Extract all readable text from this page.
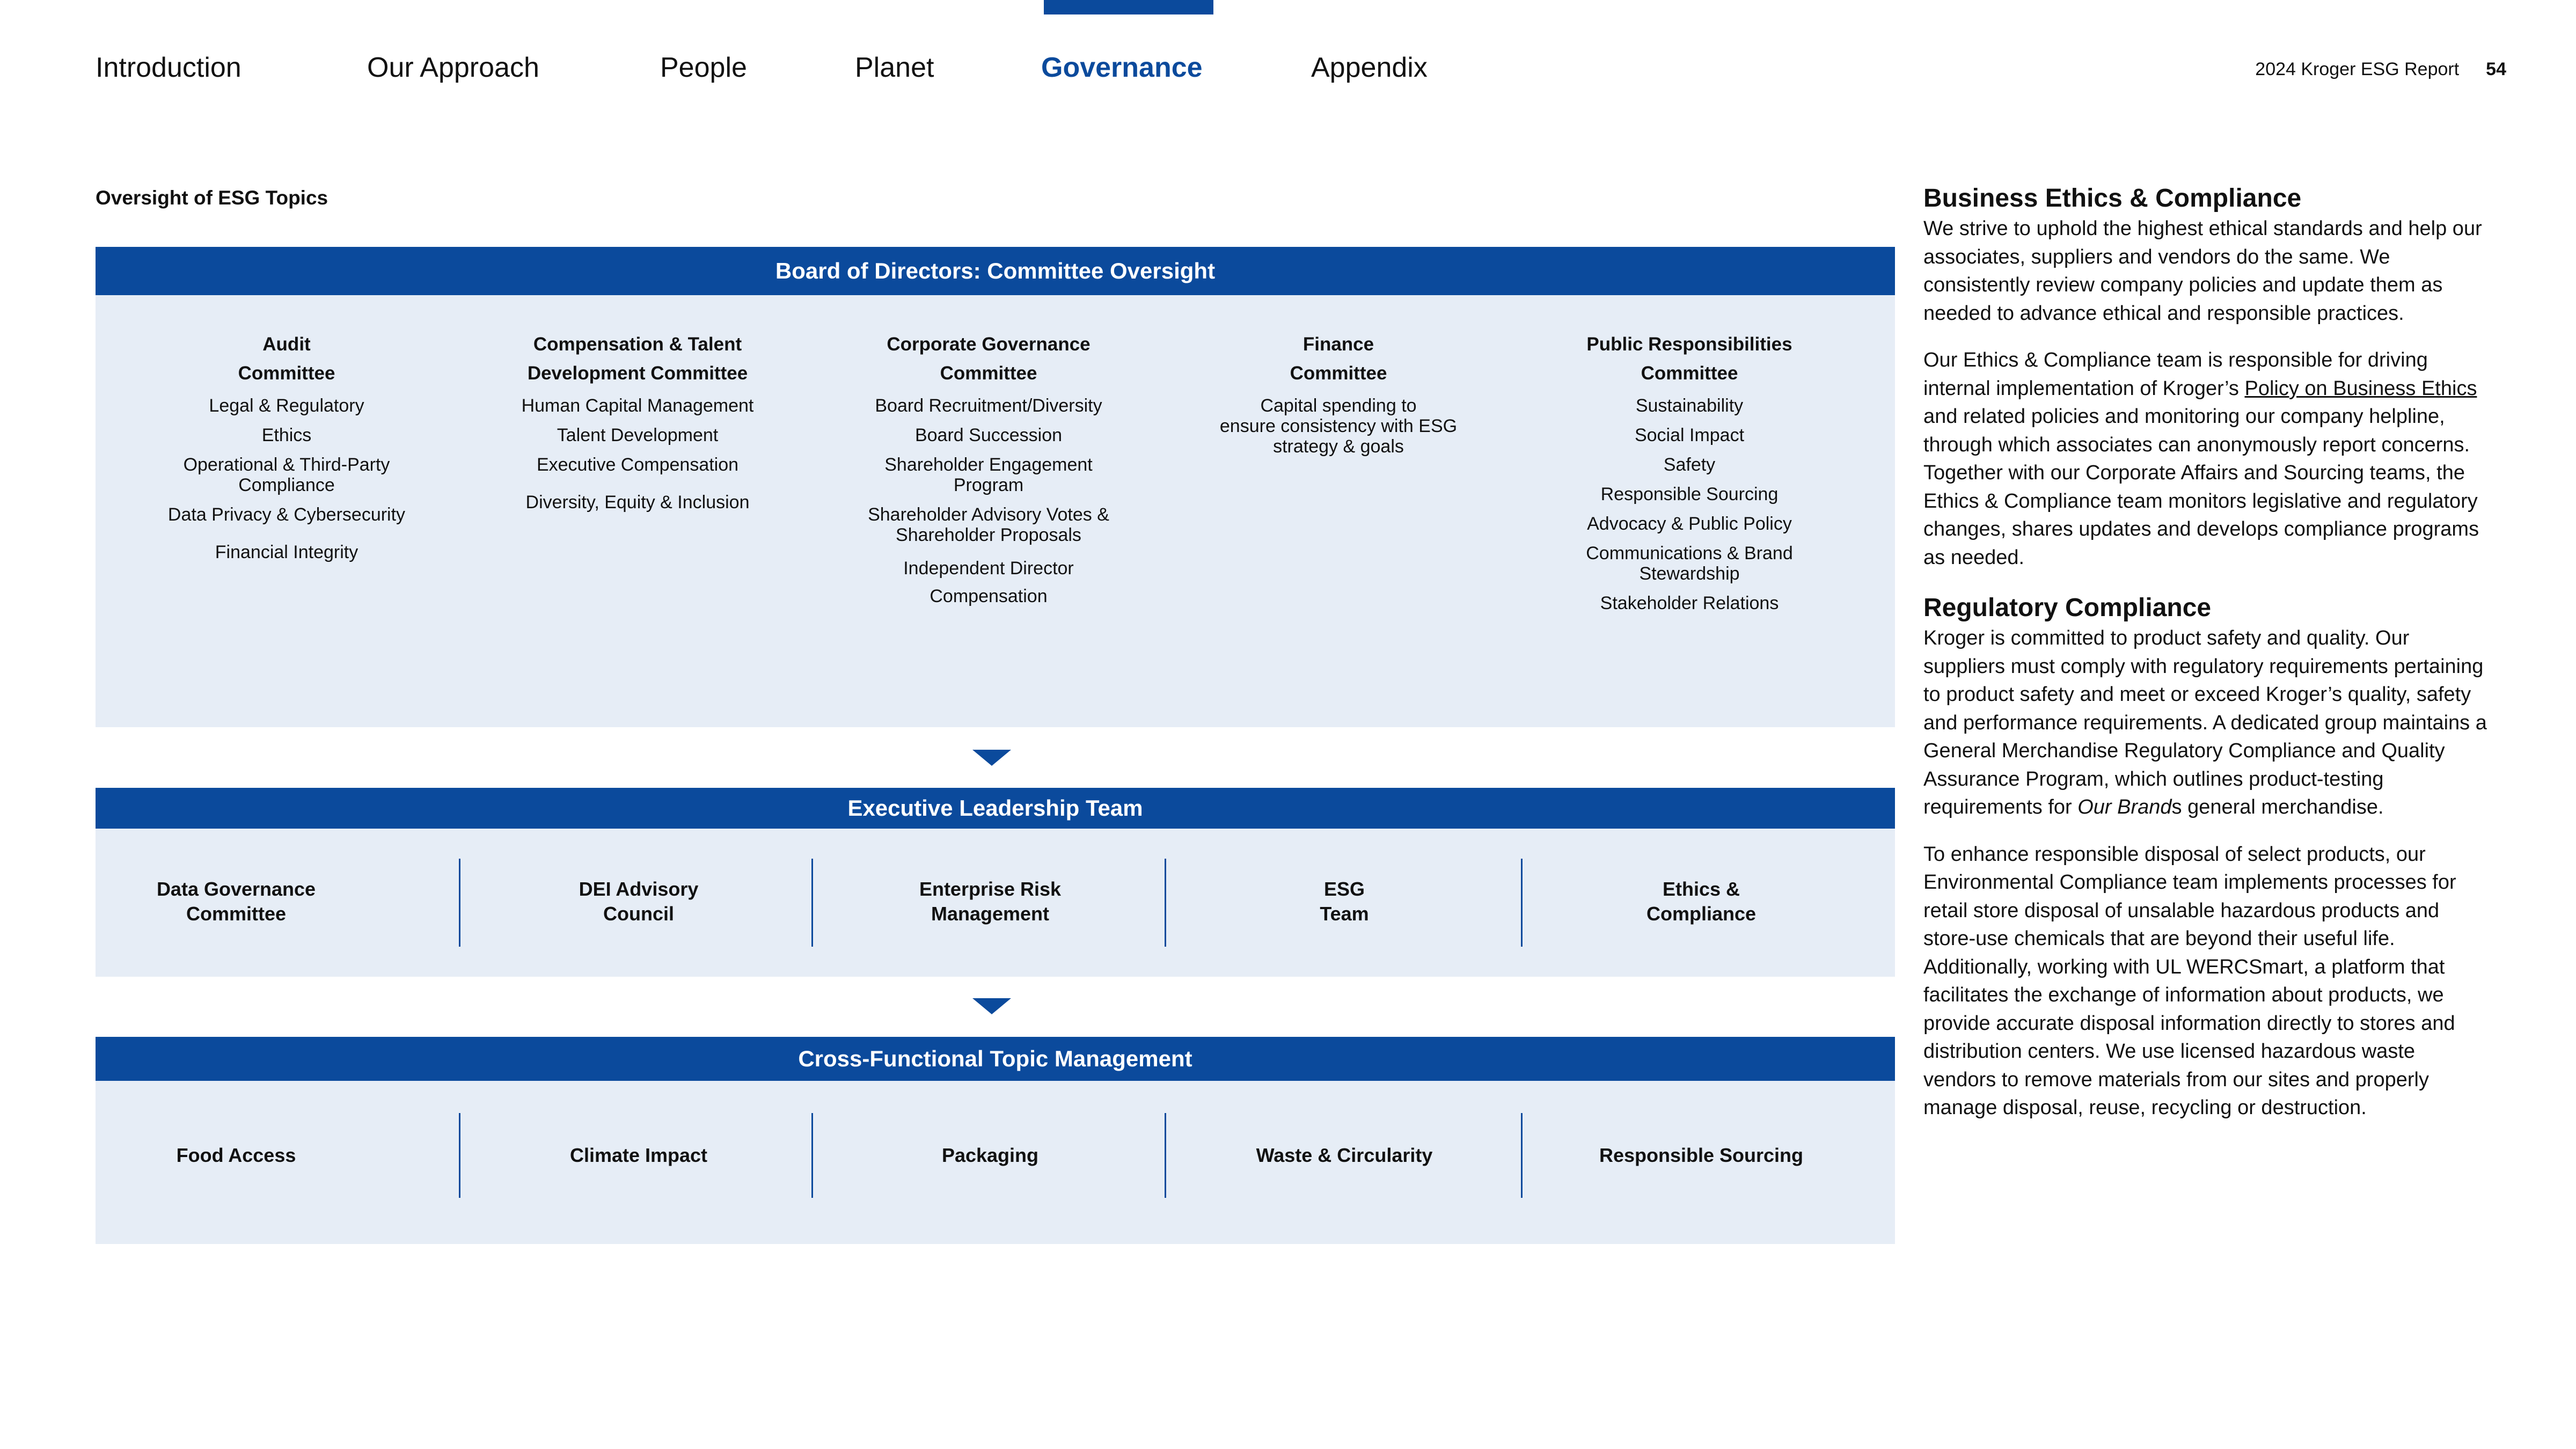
Introduction	Our Approach	People	Planet	Governance	Appendix	2024 Kroger ESG Report 54
Oversight of ESG Topics
Board of Directors: Committee Oversight
Audit
Committee
Legal & Regulatory
Ethics
Operational & Third-Party
Compliance
Data Privacy & Cybersecurity
Financial Integrity
Compensation & Talent
Development Committee
Human Capital Management
Talent Development
Executive Compensation
Diversity, Equity & Inclusion
Corporate Governance
Committee
Board Recruitment/Diversity
Board Succession
Shareholder Engagement
Program
Shareholder Advisory Votes &
Shareholder Proposals
Independent Director
Compensation
Finance
Committee
Capital spending to
ensure consistency with ESG
strategy & goals
Public Responsibilities
Committee
Sustainability
Social Impact
Safety
Responsible Sourcing
Advocacy & Public Policy
Communications & Brand
Stewardship
Stakeholder Relations
Executive Leadership Team
Data Governance
Committee
DEI Advisory
Council
Enterprise Risk
Management
ESG
Team
Ethics &
Compliance
Cross-Functional Topic Management
Food Access	Climate Impact	Packaging	Waste & Circularity	Responsible Sourcing
Business Ethics & Compliance

We strive to uphold the highest ethical standards and help our associates, suppliers and vendors do the same. We consistently review company policies and update them as needed to advance ethical and responsible practices.

Our Ethics & Compliance team is responsible for driving internal implementation of Kroger’s Policy on Business Ethics and related policies and monitoring our company helpline, through which associates can anonymously report concerns. Together with our Corporate Affairs and Sourcing teams, the Ethics & Compliance team monitors legislative and regulatory changes, shares updates and develops compliance programs as needed.

Regulatory Compliance

Kroger is committed to product safety and quality. Our suppliers must comply with regulatory requirements pertaining to product safety and meet or exceed Kroger’s quality, safety and performance requirements. A dedicated group maintains a General Merchandise Regulatory Compliance and Quality Assurance Program, which outlines product-testing requirements for Our Brands general merchandise.

To enhance responsible disposal of select products, our Environmental Compliance team implements processes for retail store disposal of unsalable hazardous products and store-use chemicals that are beyond their useful life. Additionally, working with UL WERCSmart, a platform that facilitates the exchange of information about products, we provide accurate disposal information directly to stores and distribution centers. We use licensed hazardous waste vendors to remove materials from our sites and properly manage disposal, reuse, recycling or destruction.
